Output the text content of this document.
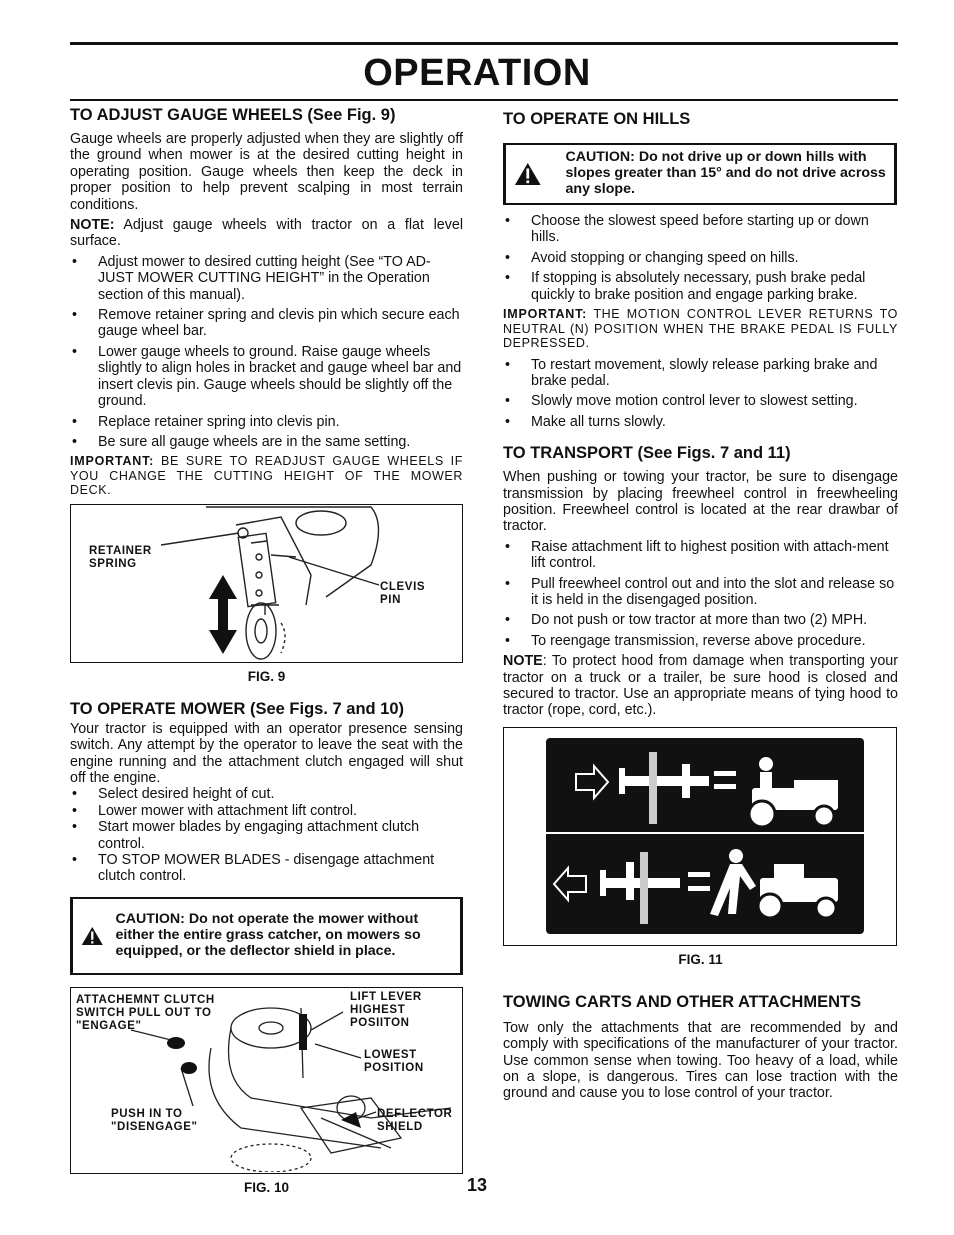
OPERATION
TO ADJUST GAUGE WHEELS (See Fig. 9)

Gauge wheels are properly adjusted when they are slightly off the ground when mower is at the desired cutting height in operating position. Gauge wheels then keep the deck in proper position to help prevent scalping in most terrain conditions.

NOTE: Adjust gauge wheels with tractor on a flat level surface.

• Adjust mower to desired cutting height (See “TO AD-JUST MOWER CUTTING HEIGHT” in the Operation section of this manual).
• Remove retainer spring and clevis pin which secure each gauge wheel bar.
• Lower gauge wheels to ground. Raise gauge wheels slightly to align holes in bracket and gauge wheel bar and insert clevis pin. Gauge wheels should be slightly off the ground.
• Replace retainer spring into clevis pin.
• Be sure all gauge wheels are in the same setting.
IMPORTANT: BE SURE TO READJUST GAUGE WHEELS IF YOU CHANGE THE CUTTING HEIGHT OF THE MOWER DECK.
RETAINER
SPRING
CLEVIS
PIN
FIG. 9
TO OPERATE MOWER (See Figs. 7 and 10)

Your tractor is equipped with an operator presence sensing switch. Any attempt by the operator to leave the seat with the engine running and the attachment clutch engaged will shut off the engine.

• Select desired height of cut.
• Lower mower with attachment lift control.
• Start mower blades by engaging attachment clutch control.
• TO STOP MOWER BLADES - disengage attachment clutch control.
CAUTION: Do not operate the mower without either the entire grass catcher, on mowers so equipped, or the deflector shield in place.
ATTACHEMNT CLUTCH
SWITCH PULL OUT TO
"ENGAGE"
LIFT LEVER
HIGHEST
POSIITON
LOWEST
POSITION
PUSH IN TO
"DISENGAGE"
DEFLECTOR
SHIELD
FIG. 10
TO OPERATE ON HILLS
CAUTION: Do not drive up or down hills with slopes greater than 15° and do not drive across any slope.
• Choose the slowest speed before starting up or down hills.
• Avoid stopping or changing speed on hills.
• If stopping is absolutely necessary, push brake pedal quickly to brake position and engage parking brake.
IMPORTANT: THE MOTION CONTROL LEVER RETURNS TO NEUTRAL (N) POSITION WHEN THE BRAKE PEDAL IS FULLY DEPRESSED.
• To restart movement, slowly release parking brake and brake pedal.
• Slowly move motion control lever to slowest setting.
• Make all turns slowly.
TO TRANSPORT (See Figs. 7 and 11)

When pushing or towing your tractor, be sure to disengage transmission by placing freewheel control in freewheeling position. Freewheel control is located at the rear drawbar of tractor.

• Raise attachment lift to highest position with attach-ment lift control.
• Pull freewheel control out and into the slot and release so it is held in the disengaged position.
• Do not push or tow tractor at more than two (2) MPH.
• To reengage transmission, reverse above procedure.

NOTE: To protect hood from damage when transporting your tractor on a truck or a trailer, be sure hood is closed and secured to tractor. Use an appropriate means of tying hood to tractor (rope, cord, etc.).

FIG. 11
TOWING CARTS AND OTHER ATTACHMENTS

Tow only the attachments that are recommended by and comply with specifications of the manufacturer of your tractor. Use common sense when towing. Too heavy of a load, while on a slope, is dangerous. Tires can lose traction with the ground and cause you to lose control of your tractor.

13
